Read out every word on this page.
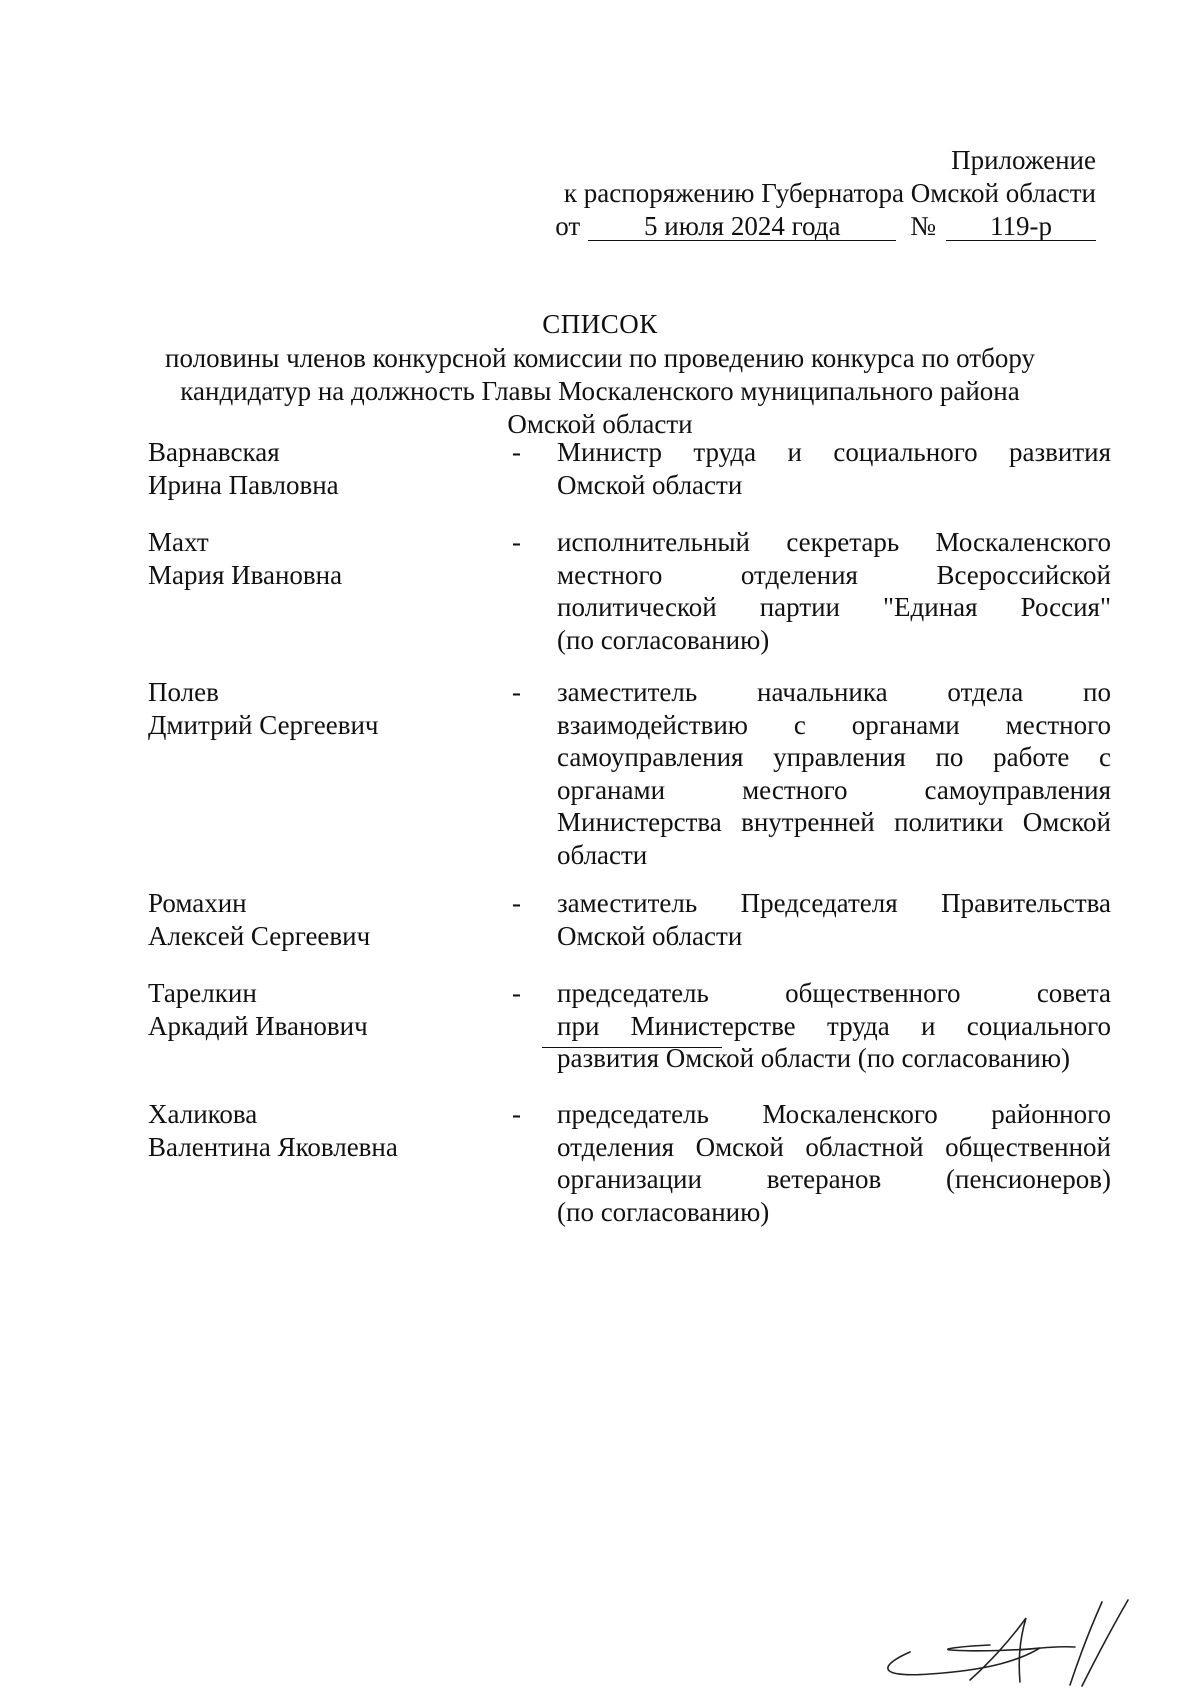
Приложение
к распоряжению Губернатора Омской области
от 5 июля 2024 года	№ 119-р
СПИСОК
половины членов конкурсной комиссии по проведению конкурса по отбору
кандидатур на должность Главы Москаленского муниципального района
Омской области
Варнавская
Ирина Павловна
- Министр труда и социального развития
Омской области
Махт
Мария Ивановна
- исполнительный секретарь Москаленского
местного отделения Всероссийской
политической партии "Единая Россия"
(по согласованию)
Полев
Дмитрий Сергеевич
- заместитель начальника отдела по
взаимодействию с органами местного
самоуправления управления по работе с
органами местного самоуправления
Министерства внутренней политики Омской
области
Ромахин
Алексей Сергеевич
- заместитель Председателя Правительства
Омской области
Тарелкин
Аркадий Иванович
- председатель общественного совета
при Министерстве труда и социального
развития Омской области (по согласованию)
Халикова
Валентина Яковлевна
- председатель Москаленского районного
отделения Омской областной общественной
организации ветеранов (пенсионеров)
(по согласованию)
